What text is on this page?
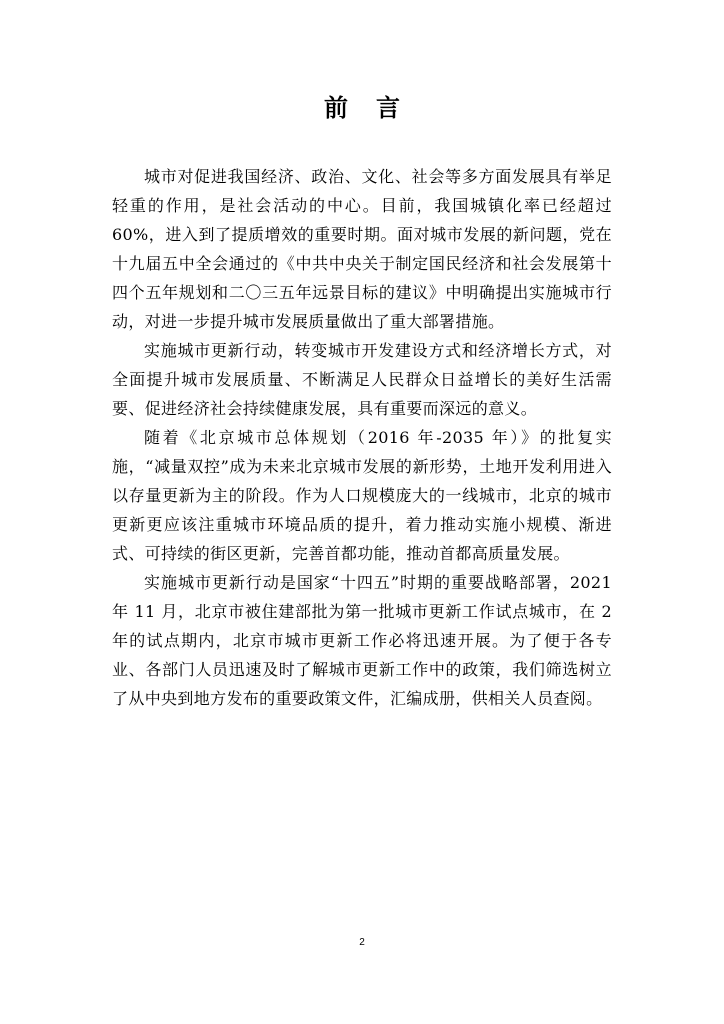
前言

城市对促进我国经济、政治、文化、社会等多方面发展具有举足轻重的作用，是社会活动的中心。目前，我国城镇化率已经超过 60%，进入到了提质增效的重要时期。面对城市发展的新问题，党在十九届五中全会通过的《中共中央关于制定国民经济和社会发展第十四个五年规划和二〇三五年远景目标的建议》中明确提出实施城市行动，对进一步提升城市发展质量做出了重大部署措施。

实施城市更新行动，转变城市开发建设方式和经济增长方式，对全面提升城市发展质量、不断满足人民群众日益增长的美好生活需要、促进经济社会持续健康发展，具有重要而深远的意义。

随着《北京城市总体规划（2016 年-2035 年）》的批复实施，“减量双控”成为未来北京城市发展的新形势，土地开发利用进入以存量更新为主的阶段。作为人口规模庞大的一线城市，北京的城市更新更应该注重城市环境品质的提升，着力推动实施小规模、渐进式、可持续的街区更新，完善首都功能，推动首都高质量发展。

实施城市更新行动是国家“十四五”时期的重要战略部署，2021 年 11 月，北京市被住建部批为第一批城市更新工作试点城市，在 2 年的试点期内，北京市城市更新工作必将迅速开展。为了便于各专业、各部门人员迅速及时了解城市更新工作中的政策，我们筛选树立了从中央到地方发布的重要政策文件，汇编成册，供相关人员查阅。

2
